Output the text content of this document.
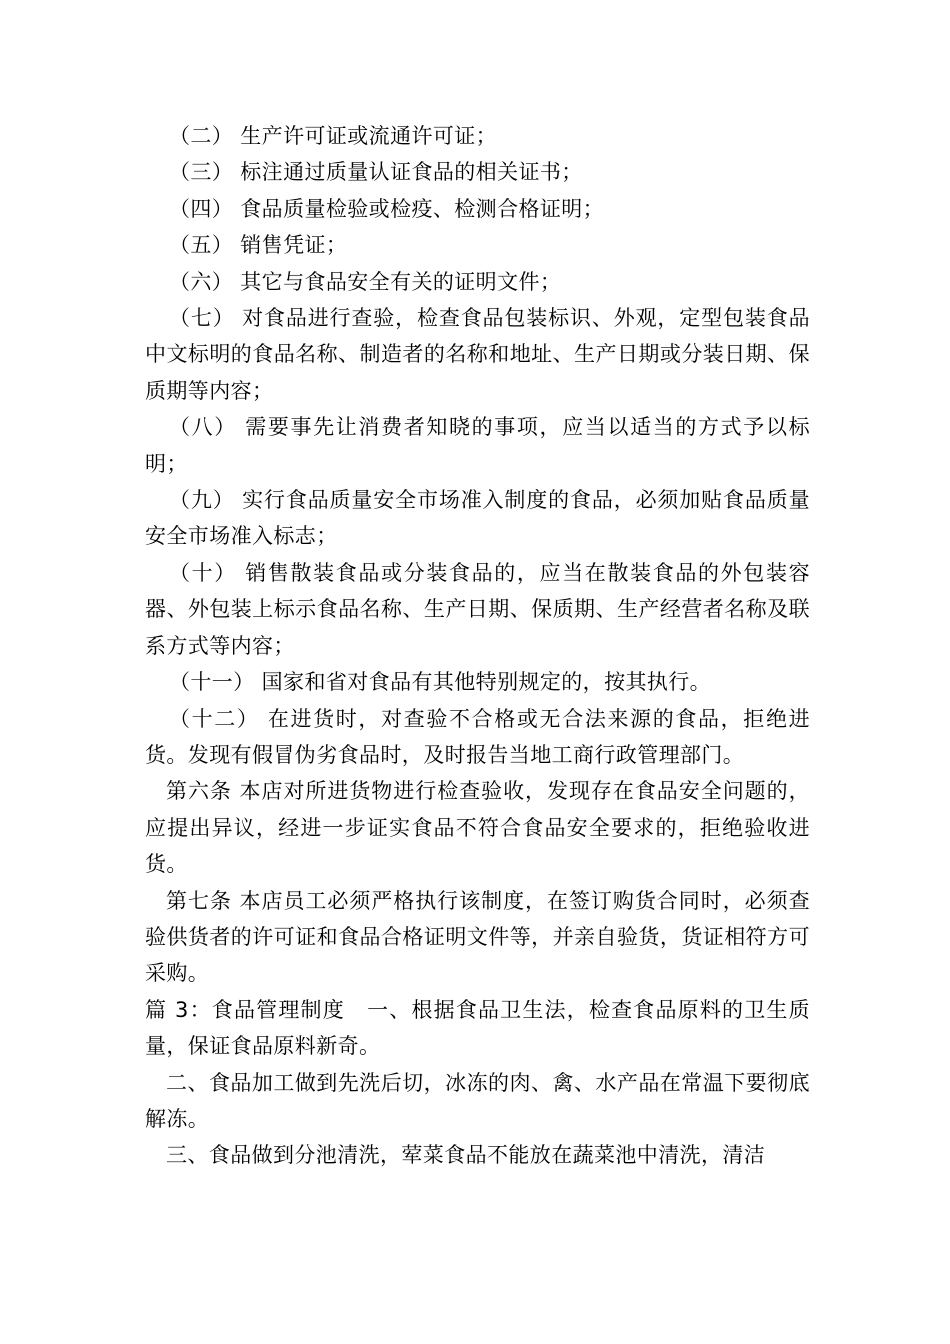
（二） 生产许可证或流通许可证；

（三） 标注通过质量认证食品的相关证书；

（四） 食品质量检验或检疫、检测合格证明；

（五） 销售凭证；

（六） 其它与食品安全有关的证明文件；

（七） 对食品进行查验，检查食品包装标识、外观，定型包装食品中文标明的食品名称、制造者的名称和地址、生产日期或分装日期、保质期等内容；

（八） 需要事先让消费者知晓的事项，应当以适当的方式予以标明；

（九） 实行食品质量安全市场准入制度的食品，必须加贴食品质量安全市场准入标志；

（十） 销售散装食品或分装食品的，应当在散装食品的外包装容器、外包装上标示食品名称、生产日期、保质期、生产经营者名称及联系方式等内容；

（十一） 国家和省对食品有其他特别规定的，按其执行。

（十二） 在进货时，对查验不合格或无合法来源的食品，拒绝进货。发现有假冒伪劣食品时，及时报告当地工商行政管理部门。

第六条 本店对所进货物进行检查验收，发现存在食品安全问题的，应提出异议，经进一步证实食品不符合食品安全要求的，拒绝验收进货。

第七条 本店员工必须严格执行该制度，在签订购货合同时，必须查验供货者的许可证和食品合格证明文件等，并亲自验货，货证相符方可采购。

篇 3：食品管理制度　一、根据食品卫生法，检查食品原料的卫生质量，保证食品原料新奇。

二、食品加工做到先洗后切，冰冻的肉、禽、水产品在常温下要彻底解冻。

三、食品做到分池清洗，荤菜食品不能放在蔬菜池中清洗，清洁
